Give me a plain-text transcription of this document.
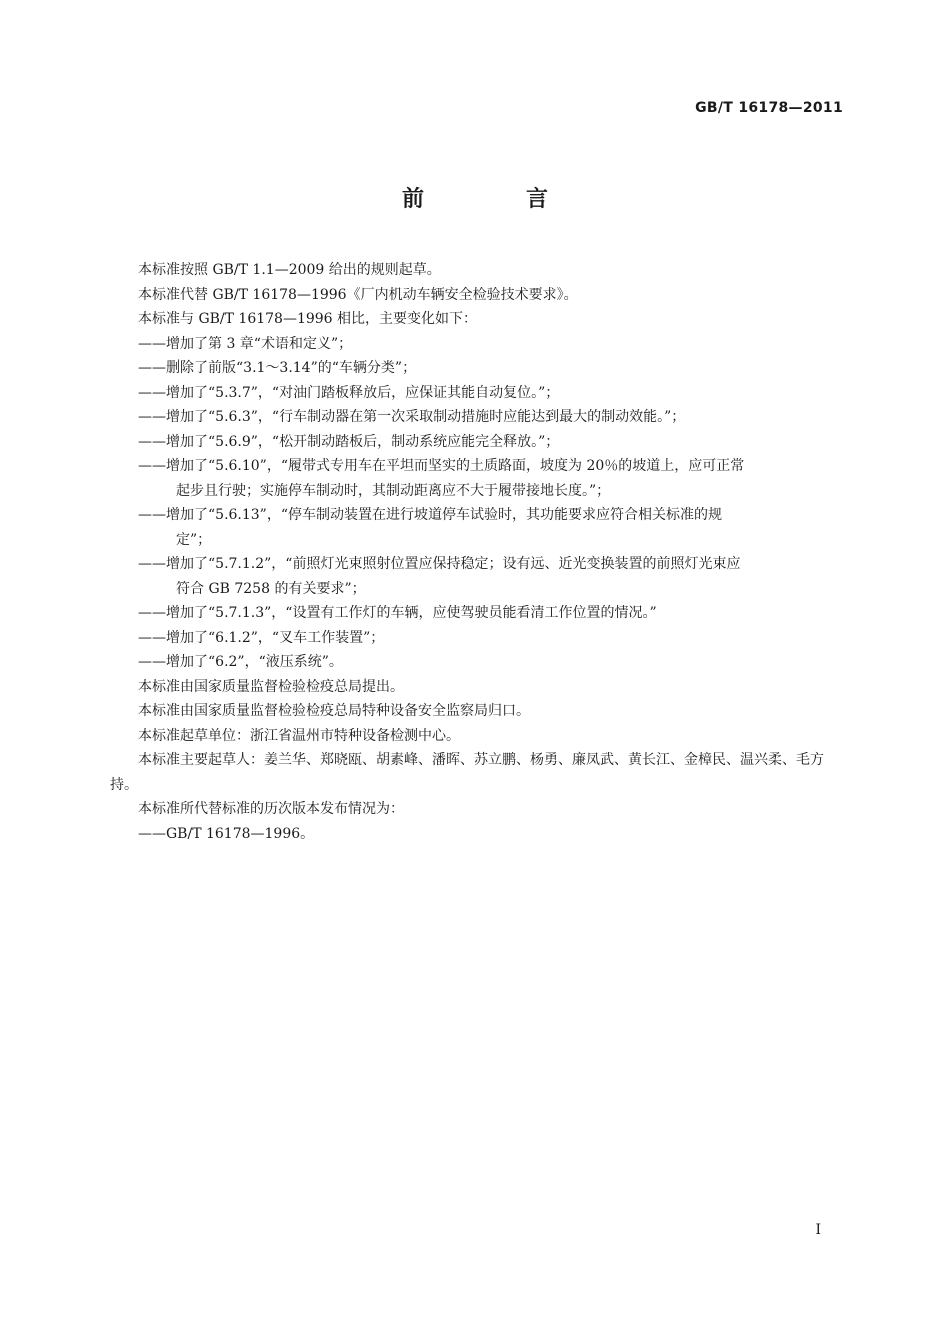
GB/T 16178—2011
前　言

本标准按照 GB/T 1.1—2009 给出的规则起草。

本标准代替 GB/T 16178—1996《厂内机动车辆安全检验技术要求》。

本标准与 GB/T 16178—1996 相比，主要变化如下：

——增加了第 3 章“术语和定义”；

——删除了前版“3.1～3.14”的“车辆分类”；

——增加了“5.3.7”，“对油门踏板释放后，应保证其能自动复位。”；

——增加了“5.6.3”，“行车制动器在第一次采取制动措施时应能达到最大的制动效能。”；

——增加了“5.6.9”，“松开制动踏板后，制动系统应能完全释放。”；

——增加了“5.6.10”，“履带式专用车在平坦而坚实的土质路面，坡度为 20％的坡道上，应可正常

起步且行驶；实施停车制动时，其制动距离应不大于履带接地长度。”；

——增加了“5.6.13”，“停车制动装置在进行坡道停车试验时，其功能要求应符合相关标准的规

定”；

——增加了“5.7.1.2”，“前照灯光束照射位置应保持稳定；设有远、近光变换装置的前照灯光束应

符合 GB 7258 的有关要求”；

——增加了“5.7.1.3”，“设置有工作灯的车辆，应使驾驶员能看清工作位置的情况。”

——增加了“6.1.2”，“叉车工作装置”；

——增加了“6.2”，“液压系统”。

本标准由国家质量监督检验检疫总局提出。

本标准由国家质量监督检验检疫总局特种设备安全监察局归口。

本标准起草单位：浙江省温州市特种设备检测中心。

本标准主要起草人：姜兰华、郑晓瓯、胡素峰、潘晖、苏立鹏、杨勇、廉凤武、黄长江、金樟民、温兴柔、毛方持。

本标准所代替标准的历次版本发布情况为：

——GB/T 16178—1996。

I
